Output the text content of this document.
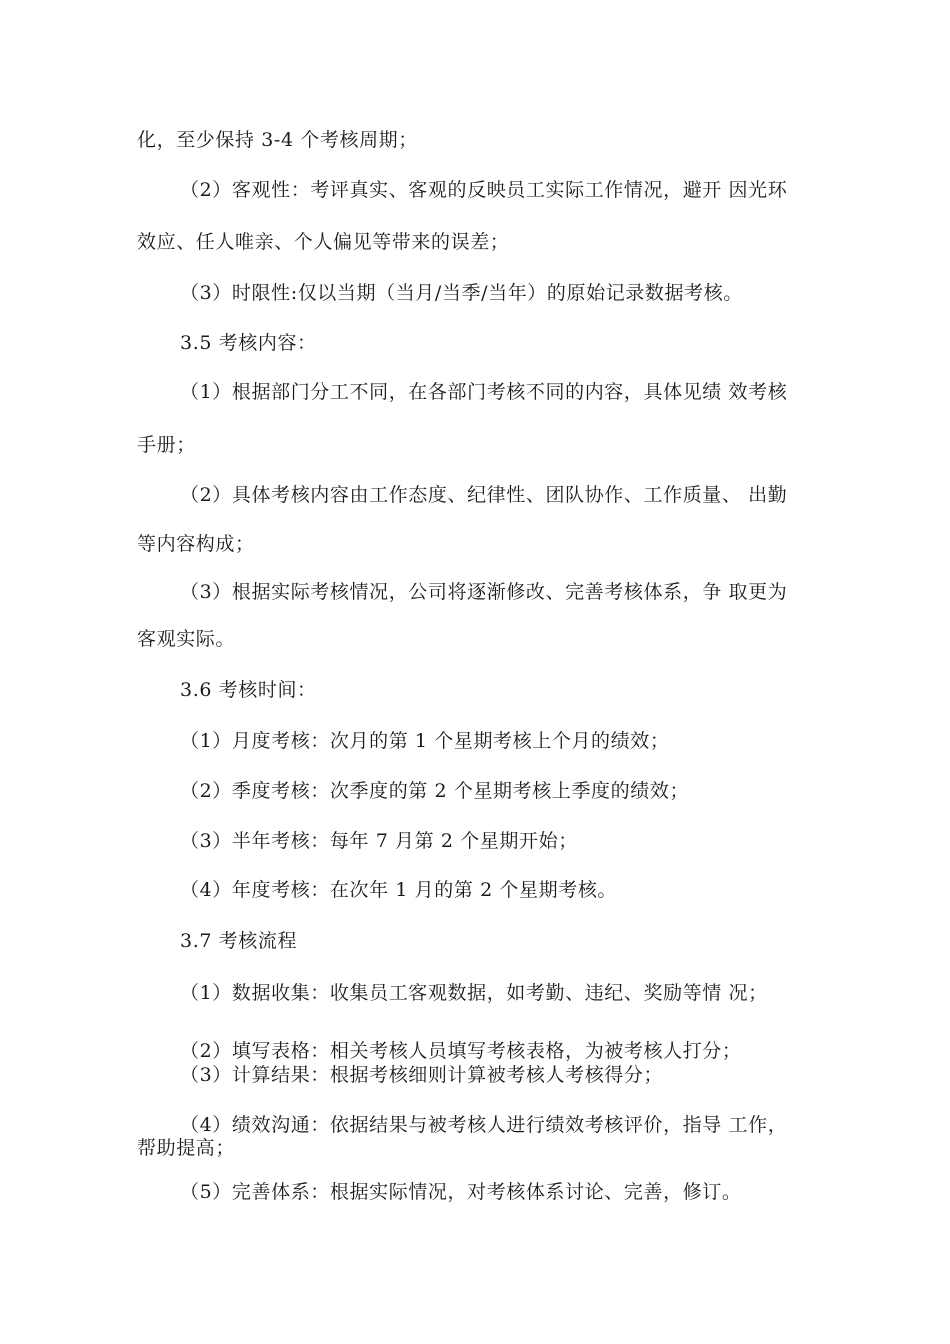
化，至少保持 3-4 个考核周期；
（2）客观性：考评真实、客观的反映员工实际工作情况，避开 因光环
效应、任人唯亲、个人偏见等带来的误差；
（3）时限性:仅以当期（当月/当季/当年）的原始记录数据考核。
3.5 考核内容：
（1）根据部门分工不同，在各部门考核不同的内容，具体见绩 效考核
手册；
（2）具体考核内容由工作态度、纪律性、团队协作、工作质量、 出勤
等内容构成；
（3）根据实际考核情况，公司将逐渐修改、完善考核体系，争 取更为
客观实际。
3.6 考核时间：
（1）月度考核：次月的第 1 个星期考核上个月的绩效；
（2）季度考核：次季度的第 2 个星期考核上季度的绩效；
（3）半年考核：每年 7 月第 2 个星期开始；
（4）年度考核：在次年 1 月的第 2 个星期考核。
3.7 考核流程
（1）数据收集：收集员工客观数据，如考勤、违纪、奖励等情 况；
（2）填写表格：相关考核人员填写考核表格，为被考核人打分；
（3）计算结果：根据考核细则计算被考核人考核得分；
（4）绩效沟通：依据结果与被考核人进行绩效考核评价，指导 工作，
帮助提高；
（5）完善体系：根据实际情况，对考核体系讨论、完善，修订。
